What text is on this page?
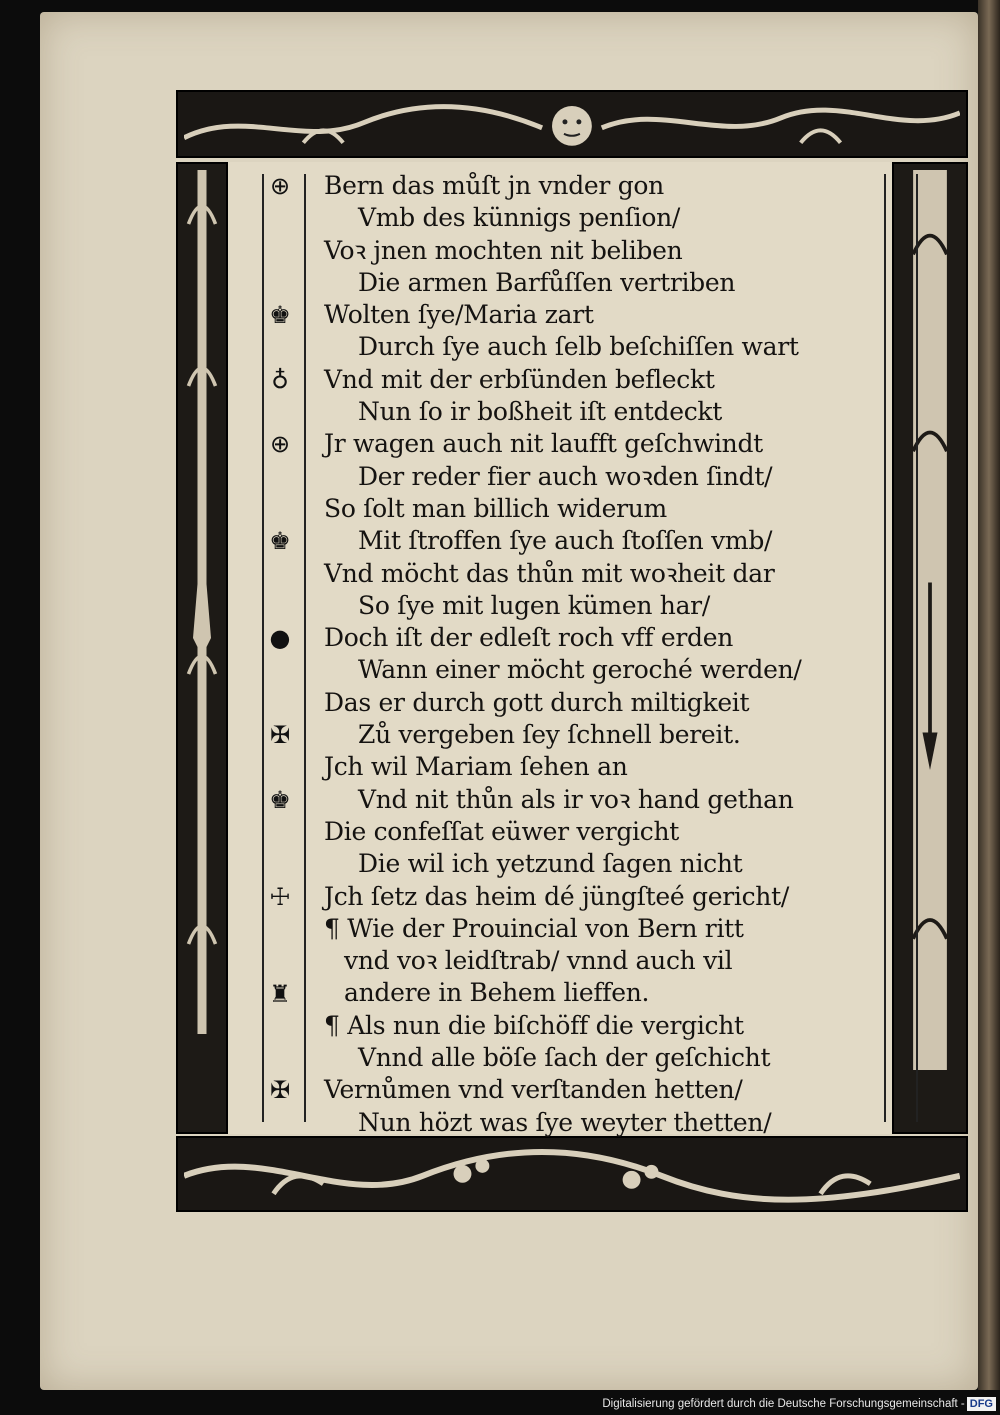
⊕
♚
♁
⊕
♚
●
✠
♚
☩
♜
✠
Bern das můſt jn vnder gon
Vmb des künnigs penſion/
Voꝛ jnen mochten nit beliben
Die armen Barfůſſen vertriben
Wolten ſye/Maria zart
Durch ſye auch ſelb beſchiſſen wart
Vnd mit der erbſünden befleckt
Nun ſo ir boßheit iſt entdeckt
Jr wagen auch nit laufft geſchwindt
Der reder fier auch woꝛden ſindt/
So ſolt man billich widerum
Mit ſtroffen ſye auch ſtoſſen vmb/
Vnd möcht das thůn mit woꝛheit dar
So ſye mit lugen kümen har/
Doch iſt der edleſt roch vff erden
Wann einer möcht geroché werden/
Das er durch gott durch miltigkeit
Zů vergeben ſey ſchnell bereit.
Jch wil Mariam ſehen an
Vnd nit thůn als ir voꝛ hand gethan
Die confeſſat eüwer vergicht
Die wil ich yetzund ſagen nicht
Jch ſetz das heim dé jüngſteé gericht/
¶ Wie der Prouincial von Bern ritt
vnd voꝛ leidſtrab/ vnnd auch vil
andere in Behem lieffen.
¶ Als nun die biſchöff die vergicht
Vnnd alle böſe ſach der geſchicht
Vernůmen vnd verſtanden hetten/
Nun hözt was ſye weyter thetten/
Digitalisierung gefördert durch die Deutsche Forschungsgemeinschaft - DFG
